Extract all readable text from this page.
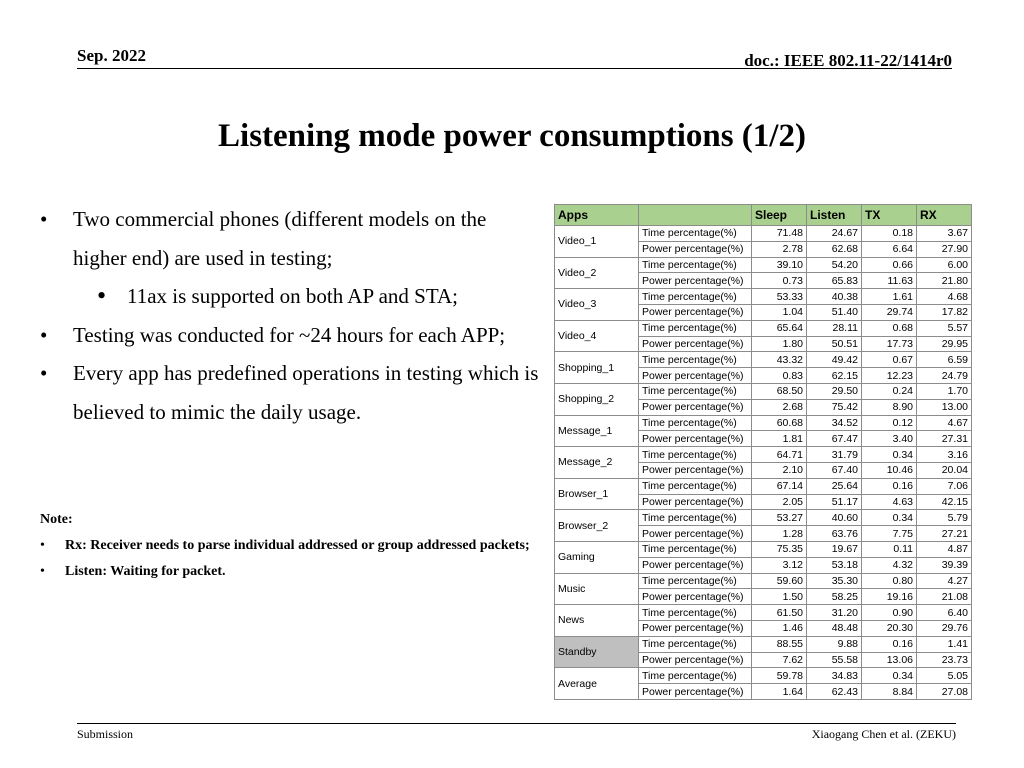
Sep. 2022	doc.: IEEE 802.11-22/1414r0
Listening mode power consumptions (1/2)
• Two commercial phones (different models on the higher end) are used in testing;
• 11ax is supported on both AP and STA;
• Testing was conducted for ~24 hours for each APP;
• Every app has predefined operations in testing which is believed to mimic the daily usage.
Note:
• Rx: Receiver needs to parse individual addressed or group addressed packets;
• Listen: Waiting for packet.
Apps		Sleep	Listen	TX	RX
Video_1	Time percentage(%)	71.48	24.67	0.18	3.67
	Power percentage(%)	2.78	62.68	6.64	27.90
Video_2	Time percentage(%)	39.10	54.20	0.66	6.00
	Power percentage(%)	0.73	65.83	11.63	21.80
Video_3	Time percentage(%)	53.33	40.38	1.61	4.68
	Power percentage(%)	1.04	51.40	29.74	17.82
Video_4	Time percentage(%)	65.64	28.11	0.68	5.57
	Power percentage(%)	1.80	50.51	17.73	29.95
Shopping_1	Time percentage(%)	43.32	49.42	0.67	6.59
	Power percentage(%)	0.83	62.15	12.23	24.79
Shopping_2	Time percentage(%)	68.50	29.50	0.24	1.70
	Power percentage(%)	2.68	75.42	8.90	13.00
Message_1	Time percentage(%)	60.68	34.52	0.12	4.67
	Power percentage(%)	1.81	67.47	3.40	27.31
Message_2	Time percentage(%)	64.71	31.79	0.34	3.16
	Power percentage(%)	2.10	67.40	10.46	20.04
Browser_1	Time percentage(%)	67.14	25.64	0.16	7.06
	Power percentage(%)	2.05	51.17	4.63	42.15
Browser_2	Time percentage(%)	53.27	40.60	0.34	5.79
	Power percentage(%)	1.28	63.76	7.75	27.21
Gaming	Time percentage(%)	75.35	19.67	0.11	4.87
	Power percentage(%)	3.12	53.18	4.32	39.39
Music	Time percentage(%)	59.60	35.30	0.80	4.27
	Power percentage(%)	1.50	58.25	19.16	21.08
News	Time percentage(%)	61.50	31.20	0.90	6.40
	Power percentage(%)	1.46	48.48	20.30	29.76
Standby	Time percentage(%)	88.55	9.88	0.16	1.41
	Power percentage(%)	7.62	55.58	13.06	23.73
Average	Time percentage(%)	59.78	34.83	0.34	5.05
	Power percentage(%)	1.64	62.43	8.84	27.08
Submission	Xiaogang Chen et al. (ZEKU)
